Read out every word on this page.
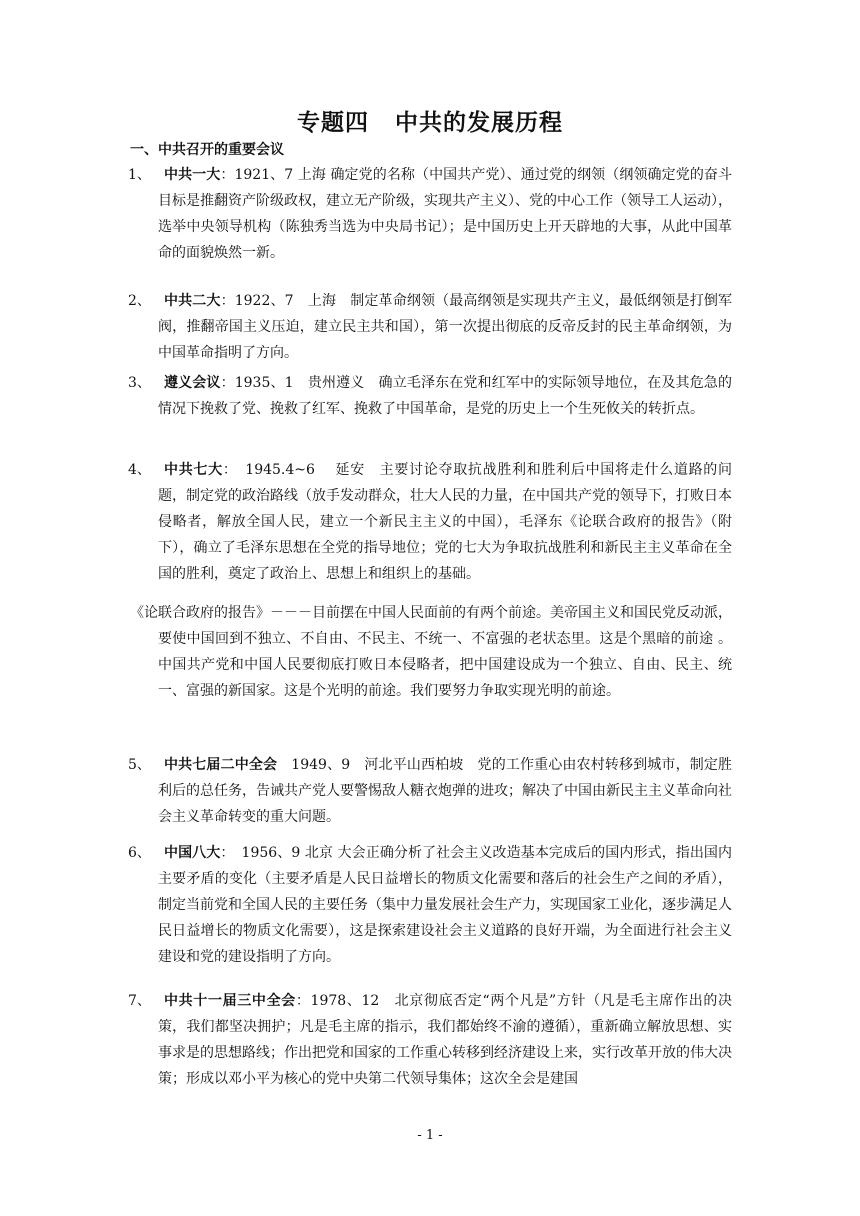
专题四 中共的发展历程
一、中共召开的重要会议
1、 中共一大：1921、7 上海 确定党的名称（中国共产党）、通过党的纲领（纲领确定党的奋斗目标是推翻资产阶级政权，建立无产阶级，实现共产主义）、党的中心工作（领导工人运动），选举中央领导机构（陈独秀当选为中央局书记）；是中国历史上开天辟地的大事，从此中国革命的面貌焕然一新。
2、 中共二大：1922、7　上海　制定革命纲领（最高纲领是实现共产主义，最低纲领是打倒军阀，推翻帝国主义压迫，建立民主共和国），第一次提出彻底的反帝反封的民主革命纲领，为中国革命指明了方向。
3、 遵义会议：1935、1　贵州遵义　确立毛泽东在党和红军中的实际领导地位，在及其危急的情况下挽救了党、挽救了红军、挽救了中国革命，是党的历史上一个生死攸关的转折点。
4、 中共七大：　1945.4~6　 延安　主要讨论夺取抗战胜利和胜利后中国将走什么道路的问题，制定党的政治路线（放手发动群众，壮大人民的力量，在中国共产党的领导下，打败日本侵略者，解放全国人民，建立一个新民主主义的中国），毛泽东《论联合政府的报告》（附下），确立了毛泽东思想在全党的指导地位；党的七大为争取抗战胜利和新民主主义革命在全国的胜利，奠定了政治上、思想上和组织上的基础。
《论联合政府的报告》－－－目前摆在中国人民面前的有两个前途。美帝国主义和国民党反动派，要使中国回到不独立、不自由、不民主、不统一、不富强的老状态里。这是个黑暗的前途 。中国共产党和中国人民要彻底打败日本侵略者，把中国建设成为一个独立、自由、民主、统一、富强的新国家。这是个光明的前途。我们要努力争取实现光明的前途。
5、 中共七届二中全会　1949、9　河北平山西柏坡　党的工作重心由农村转移到城市，制定胜利后的总任务，告诫共产党人要警惕敌人糖衣炮弹的进攻；解决了中国由新民主主义革命向社会主义革命转变的重大问题。
6、 中国八大：　1956、9 北京 大会正确分析了社会主义改造基本完成后的国内形式，指出国内主要矛盾的变化（主要矛盾是人民日益增长的物质文化需要和落后的社会生产之间的矛盾），制定当前党和全国人民的主要任务（集中力量发展社会生产力，实现国家工业化，逐步满足人民日益增长的物质文化需要），这是探索建设社会主义道路的良好开端，为全面进行社会主义建设和党的建设指明了方向。
7、 中共十一届三中全会：1978、12　北京彻底否定“两个凡是”方针（凡是毛主席作出的决策，我们都坚决拥护；凡是毛主席的指示，我们都始终不渝的遵循），重新确立解放思想、实事求是的思想路线；作出把党和国家的工作重心转移到经济建设上来，实行改革开放的伟大决策；形成以邓小平为核心的党中央第二代领导集体；这次全会是建国
- 1 -
